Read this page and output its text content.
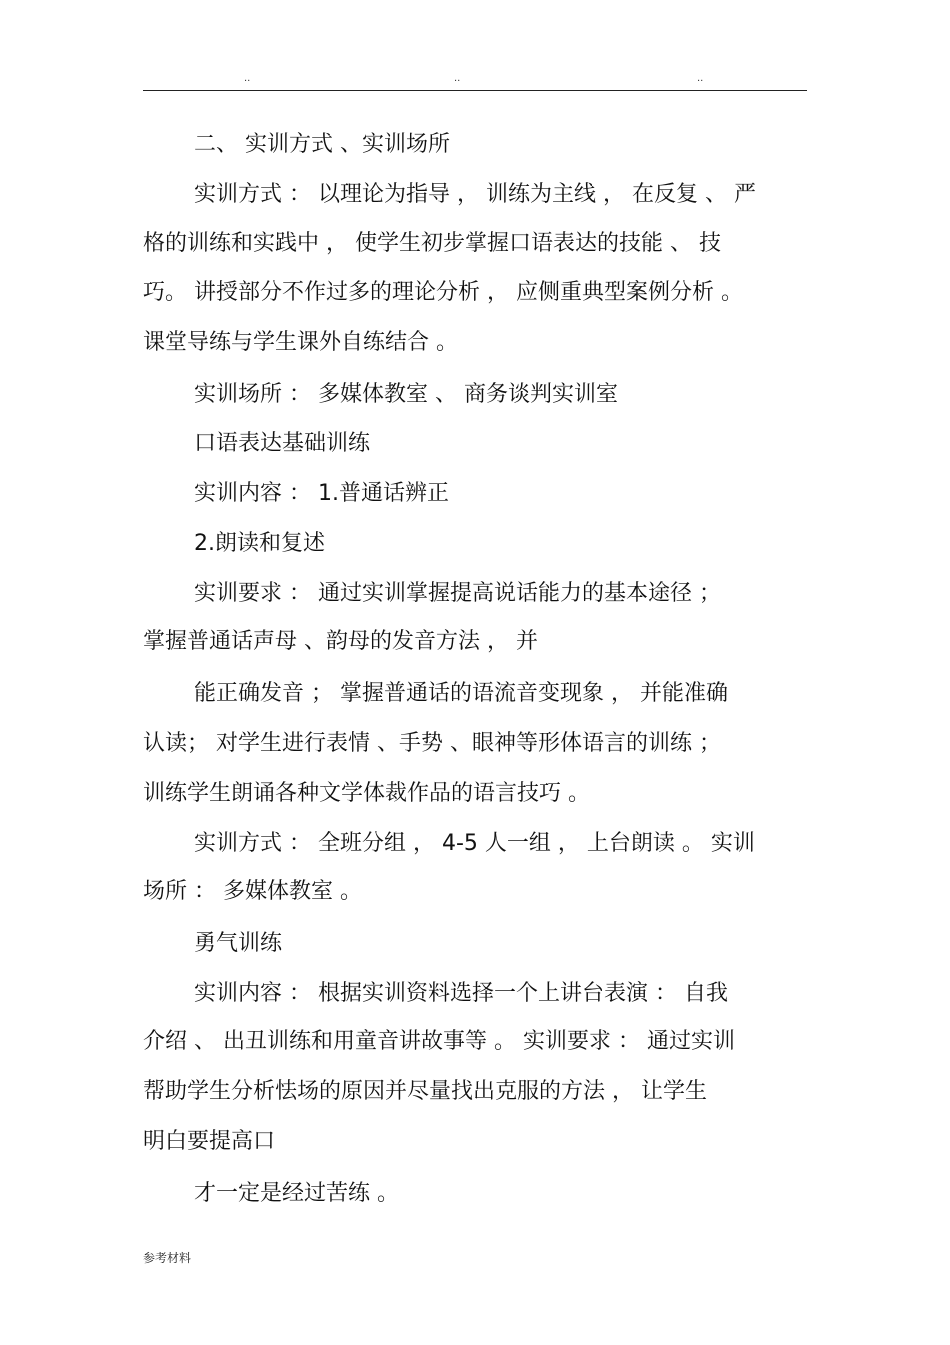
..	..	..
二、 实训方式 、实训场所
实训方式 ： 以理论为指导 ， 训练为主线 ， 在反复 、 严
格的训练和实践中 ， 使学生初步掌握口语表达的技能 、 技
巧。 讲授部分不作过多的理论分析 ， 应侧重典型案例分析 。
课堂导练与学生课外自练结合 。
实训场所 ： 多媒体教室 、 商务谈判实训室
口语表达基础训练
实训内容 ： 1.普通话辨正
2.朗读和复述
实训要求 ： 通过实训掌握提高说话能力的基本途径 ；
掌握普通话声母 、韵母的发音方法 ， 并
能正确发音 ； 掌握普通话的语流音变现象 ， 并能准确
认读； 对学生进行表情 、手势 、眼神等形体语言的训练 ；
训练学生朗诵各种文学体裁作品的语言技巧 。
实训方式 ： 全班分组 ， 4-5 人一组 ， 上台朗读 。 实训
场所 ： 多媒体教室 。
勇气训练
实训内容 ： 根据实训资料选择一个上讲台表演 ： 自我
介绍 、 出丑训练和用童音讲故事等 。 实训要求 ： 通过实训
帮助学生分析怯场的原因并尽量找出克服的方法 ， 让学生
明白要提高口
才一定是经过苦练 。
参考材料
